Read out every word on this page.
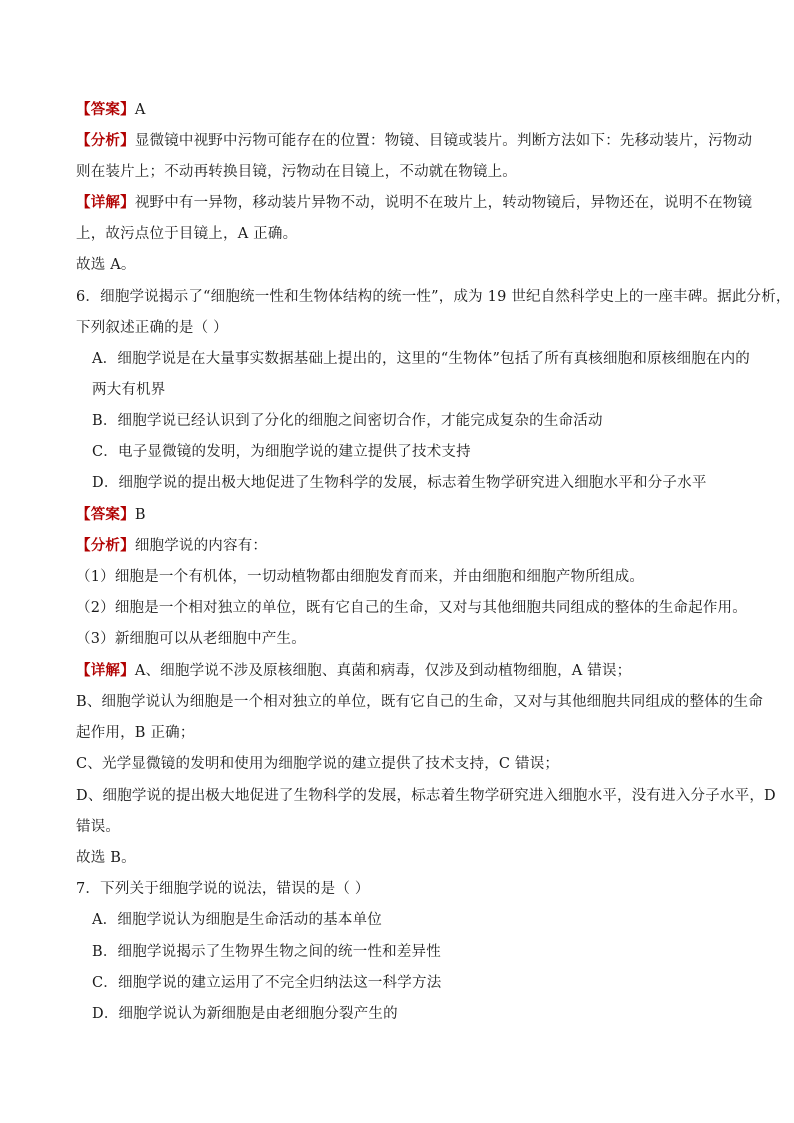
【答案】A
【分析】显微镜中视野中污物可能存在的位置：物镜、目镜或装片。判断方法如下：先移动装片，污物动
则在装片上；不动再转换目镜，污物动在目镜上，不动就在物镜上。
【详解】视野中有一异物，移动装片异物不动，说明不在玻片上，转动物镜后，异物还在，说明不在物镜
上，故污点位于目镜上，A 正确。
故选 A。
6．细胞学说揭示了“细胞统一性和生物体结构的统一性”，成为 19 世纪自然科学史上的一座丰碑。据此分析，
下列叙述正确的是（ ）
A．细胞学说是在大量事实数据基础上提出的，这里的“生物体”包括了所有真核细胞和原核细胞在内的
两大有机界
B．细胞学说已经认识到了分化的细胞之间密切合作，才能完成复杂的生命活动
C．电子显微镜的发明，为细胞学说的建立提供了技术支持
D．细胞学说的提出极大地促进了生物科学的发展，标志着生物学研究进入细胞水平和分子水平
【答案】B
【分析】细胞学说的内容有：
（1）细胞是一个有机体，一切动植物都由细胞发育而来，并由细胞和细胞产物所组成。
（2）细胞是一个相对独立的单位，既有它自己的生命，又对与其他细胞共同组成的整体的生命起作用。
（3）新细胞可以从老细胞中产生。
【详解】A、细胞学说不涉及原核细胞、真菌和病毒，仅涉及到动植物细胞，A 错误；
B、细胞学说认为细胞是一个相对独立的单位，既有它自己的生命，又对与其他细胞共同组成的整体的生命
起作用，B 正确；
C、光学显微镜的发明和使用为细胞学说的建立提供了技术支持，C 错误；
D、细胞学说的提出极大地促进了生物科学的发展，标志着生物学研究进入细胞水平，没有进入分子水平，D
错误。
故选 B。
7．下列关于细胞学说的说法，错误的是（ ）
A．细胞学说认为细胞是生命活动的基本单位
B．细胞学说揭示了生物界生物之间的统一性和差异性
C．细胞学说的建立运用了不完全归纳法这一科学方法
D．细胞学说认为新细胞是由老细胞分裂产生的
